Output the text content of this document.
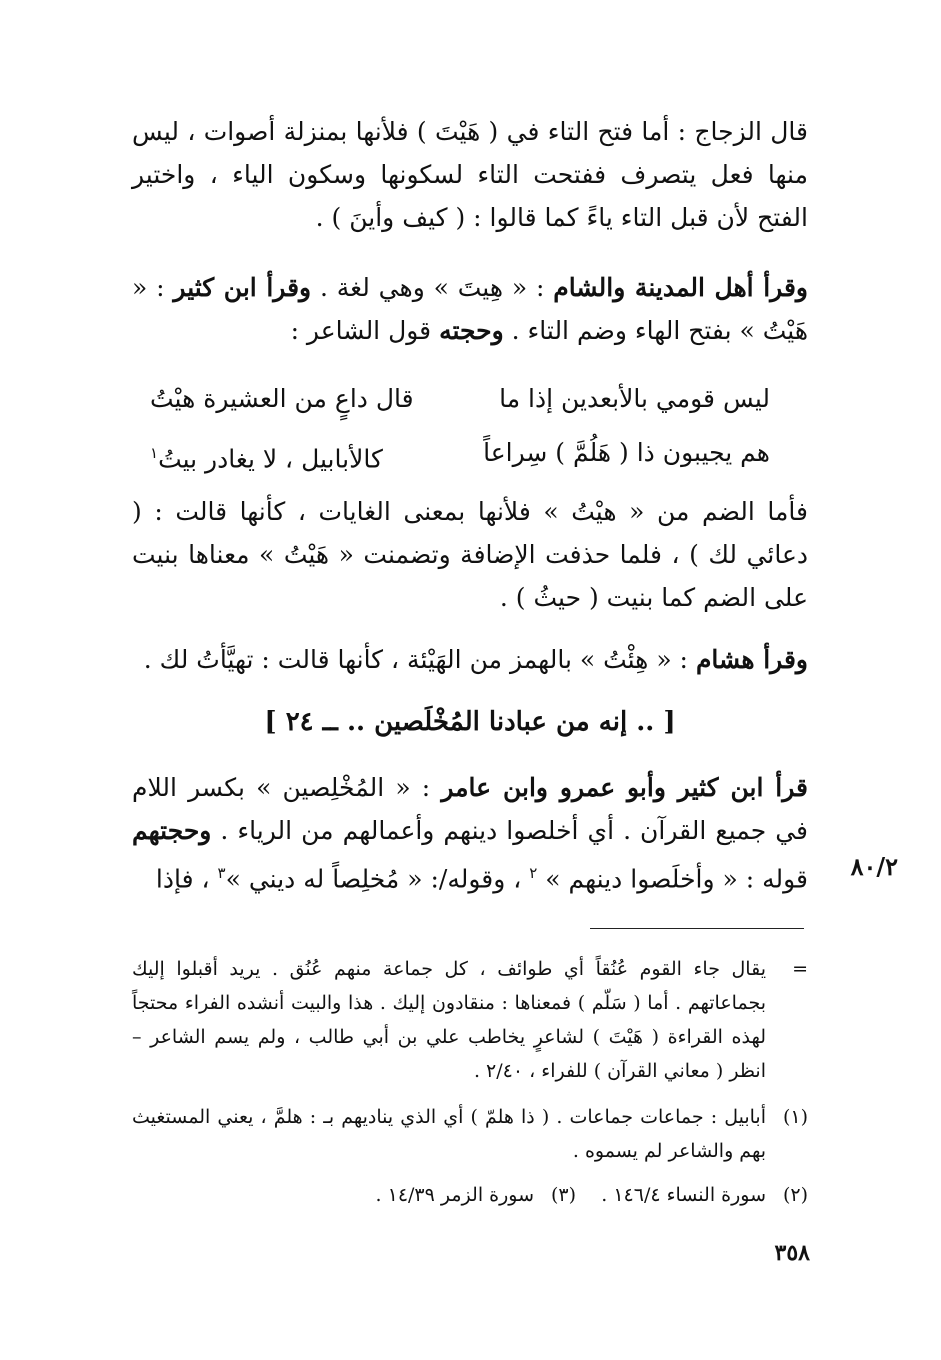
قال الزجاج : أما فتح التاء في ( هَيْتَ ) فلأنها بمنزلة أصوات ، ليس منها فعل يتصرف ففتحت التاء لسكونها وسكون الياء ، واختير الفتح لأن قبل التاء ياءً كما قالوا : ( كيف وأينَ ) .

وقرأ أهل المدينة والشام : « هِيتَ » وهي لغة . وقرأ ابن كثير : « هَيْتُ » بفتح الهاء وضم التاء . وحجته قول الشاعر :

ليس قومي بالأبعدين إذا ما
قال داعٍ من العشيرة هيْتُ
هم يجيبون ذا ( هَلُمَّ ) سِراعاً
كالأبابيل ، لا يغادر بيتُ$^١$

فأما الضم من « هيْتُ » فلأنها بمعنى الغايات ، كأنها قالت : ( دعائي لك ) ، فلما حذفت الإضافة وتضمنت « هَيْتُ » معناها بنيت على الضم كما بنيت ( حيثُ ) .

وقرأ هشام : « هِئْتُ » بالهمز من الهَيْئة ، كأنها قالت : تهيَّأتُ لك .

[ .. إنه من عبادنا المُخْلَصين .. ــ ٢٤ ]

قرأ ابن كثير وأبو عمرو وابن عامر : « المُخْلِصين » بكسر اللام في جميع القرآن . أي أخلصوا دينهم وأعمالهم من الرياء . وحجتهم قوله : « وأخلَصوا دينهم » $^٢$ ، وقوله/: « مُخلِصاً له ديني »$^٣$ ، فإذا	٨٠/٢
=
يقال جاء القوم عُنُقاً أي طوائف ، كل جماعة منهم عُنُق . يريد أقبلوا إليك بجماعاتهم . أما ( سَلّم ) فمعناها : منقادون إليك . هذا والبيت أنشده الفراء محتجاً لهذه القراءة ( هَيْتَ ) لشاعرٍ يخاطب علي بن أبي طالب ، ولم يسم الشاعر – انظر ( معاني القرآن ) للفراء ، ٢/٤٠ .
(١)
أبابيل : جماعات جماعات . ( ذا هلمّ ) أي الذي يناديهم بـ : هلمَّ ، يعني المستغيث بهم والشاعر لم يسموه .
(٢)
سورة النساء ١٤٦/٤ .
(٣)
سورة الزمر ١٤/٣٩ .
٣٥٨
